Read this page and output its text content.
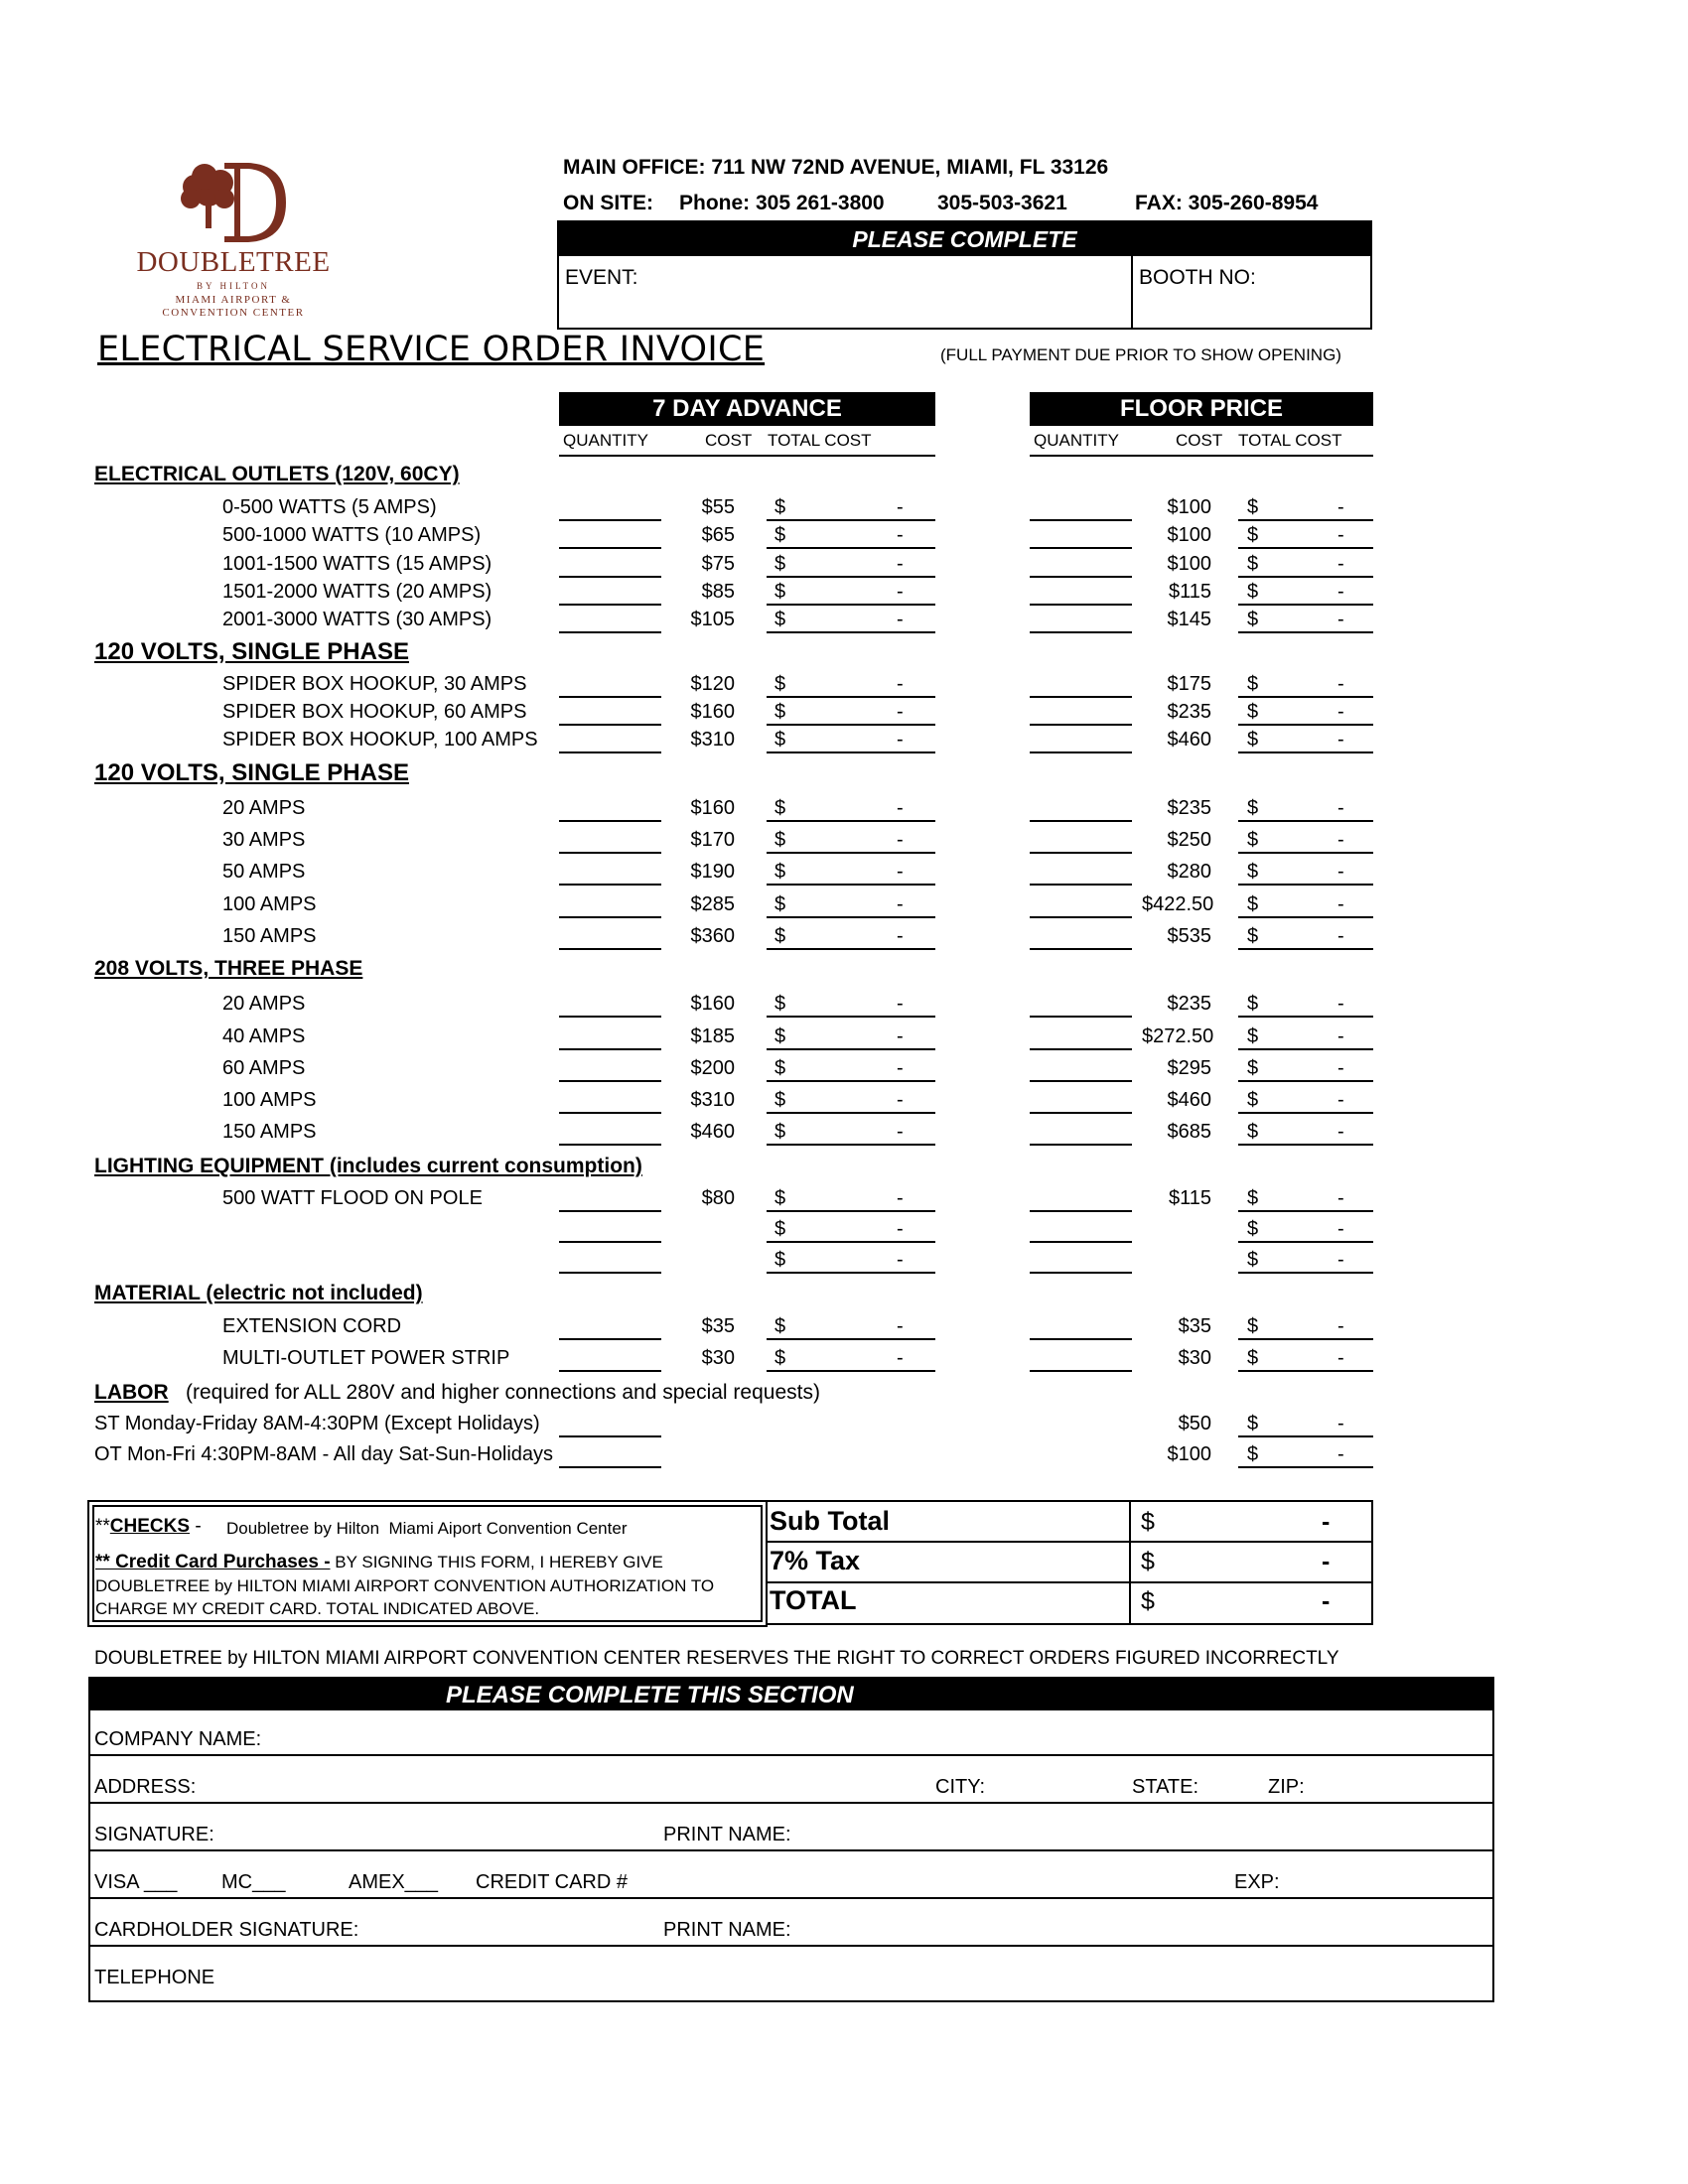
DOUBLETREE
BY HILTON
MIAMI AIRPORT &
CONVENTION CENTER
MAIN OFFICE: 711 NW 72ND AVENUE, MIAMI, FL 33126
ON SITE: Phone: 305 261-3800	305-503-3621	FAX: 305-260-8954
PLEASE COMPLETE
EVENT:	BOOTH NO:
ELECTRICAL SERVICE ORDER INVOICE	(FULL PAYMENT DUE PRIOR TO SHOW OPENING)
7 DAY ADVANCE	FLOOR PRICE
QUANTITY	COST TOTAL COST	QUANTITY	COST TOTAL COST
ELECTRICAL OUTLETS (120V, 60CY)
120 VOLTS, SINGLE PHASE
120 VOLTS, SINGLE PHASE
208 VOLTS, THREE PHASE
LIGHTING EQUIPMENT (includes current consumption)
MATERIAL (electric not included)
LABOR (required for ALL 280V and higher connections and special requests)
0-500 WATTS (5 AMPS)	$55 $	-	$100 $	-
500-1000 WATTS (10 AMPS)	$65 $	-	$100 $	-
1001-1500 WATTS (15 AMPS)	$75 $	-	$100 $	-
1501-2000 WATTS (20 AMPS)	$85 $	-	$115 $	-
2001-3000 WATTS (30 AMPS)	$105 $	-	$145 $	-
SPIDER BOX HOOKUP, 30 AMPS	$120 $	-	$175 $	-
SPIDER BOX HOOKUP, 60 AMPS	$160 $	-	$235 $	-
SPIDER BOX HOOKUP, 100 AMPS	$310 $	-	$460 $	-
20 AMPS	$160 $	-	$235 $	-
30 AMPS	$170 $	-	$250 $	-
50 AMPS	$190 $	-	$280 $	-
100 AMPS	$285 $	-	$422.50 $	-
150 AMPS	$360 $	-	$535 $	-
20 AMPS	$160 $	-	$235 $	-
40 AMPS	$185 $	-	$272.50 $	-
60 AMPS	$200 $	-	$295 $	-
100 AMPS	$310 $	-	$460 $	-
150 AMPS	$460 $	-	$685 $	-
500 WATT FLOOD ON POLE	$80 $	-	$115 $	-
$	-	$	-
$	-	$	-
EXTENSION CORD	$35 $	-	$35 $	-
MULTI-OUTLET POWER STRIP	$30 $	-	$30 $	-
ST Monday-Friday 8AM-4:30PM (Except Holidays)	$50 $	-
OT Mon-Fri 4:30PM-8AM - All day Sat-Sun-Holidays	$100 $	-
**CHECKS - Doubletree by Hilton  Miami Aiport Convention Center
** Credit Card Purchases - BY SIGNING THIS FORM, I HEREBY GIVE
DOUBLETREE by HILTON MIAMI AIRPORT CONVENTION AUTHORIZATION TO
CHARGE MY CREDIT CARD. TOTAL INDICATED ABOVE.
Sub Total	$	-
7% Tax	$	-
TOTAL	$	-
DOUBLETREE by HILTON MIAMI AIRPORT CONVENTION CENTER RESERVES THE RIGHT TO CORRECT ORDERS FIGURED INCORRECTLY
PLEASE COMPLETE THIS SECTION
COMPANY NAME:
ADDRESS:	CITY:	STATE:	ZIP:
SIGNATURE:	PRINT NAME:
VISA ___ MC___	AMEX___ CREDIT CARD #	EXP:
CARDHOLDER SIGNATURE:	PRINT NAME:
TELEPHONE
